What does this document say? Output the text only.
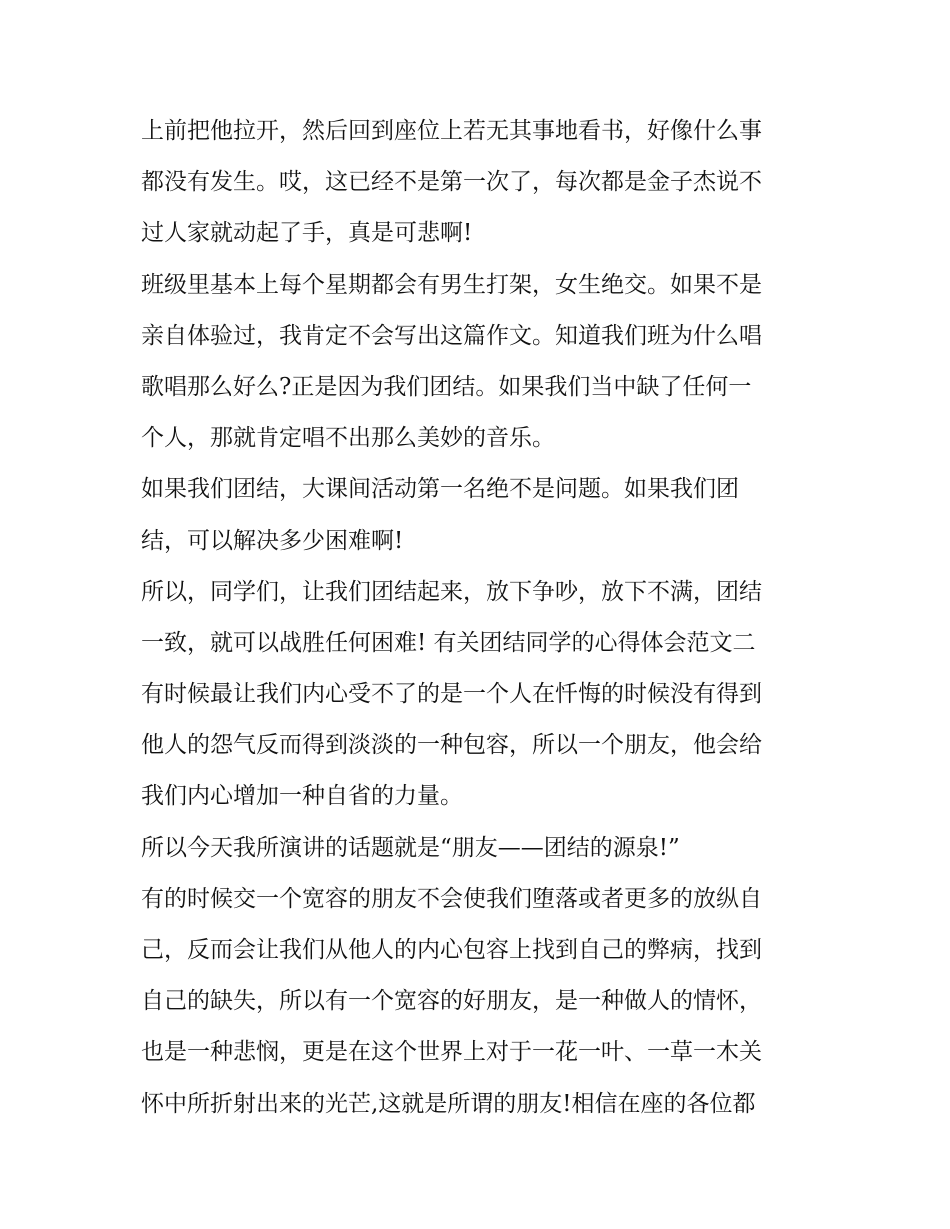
上前把他拉开，然后回到座位上若无其事地看书，好像什么事
都没有发生。哎，这已经不是第一次了，每次都是金子杰说不
过人家就动起了手，真是可悲啊!
班级里基本上每个星期都会有男生打架，女生绝交。如果不是
亲自体验过，我肯定不会写出这篇作文。知道我们班为什么唱
歌唱那么好么?正是因为我们团结。如果我们当中缺了任何一
个人，那就肯定唱不出那么美妙的音乐。
如果我们团结，大课间活动第一名绝不是问题。如果我们团
结，可以解决多少困难啊!
所以，同学们，让我们团结起来，放下争吵，放下不满，团结
一致，就可以战胜任何困难! 有关团结同学的心得体会范文二
有时候最让我们内心受不了的是一个人在忏悔的时候没有得到
他人的怨气反而得到淡淡的一种包容，所以一个朋友，他会给
我们内心增加一种自省的力量。
所以今天我所演讲的话题就是“朋友——团结的源泉!”
有的时候交一个宽容的朋友不会使我们堕落或者更多的放纵自
己，反而会让我们从他人的内心包容上找到自己的弊病，找到
自己的缺失，所以有一个宽容的好朋友，是一种做人的情怀，
也是一种悲悯，更是在这个世界上对于一花一叶、一草一木关
怀中所折射出来的光芒,这就是所谓的朋友!相信在座的各位都
